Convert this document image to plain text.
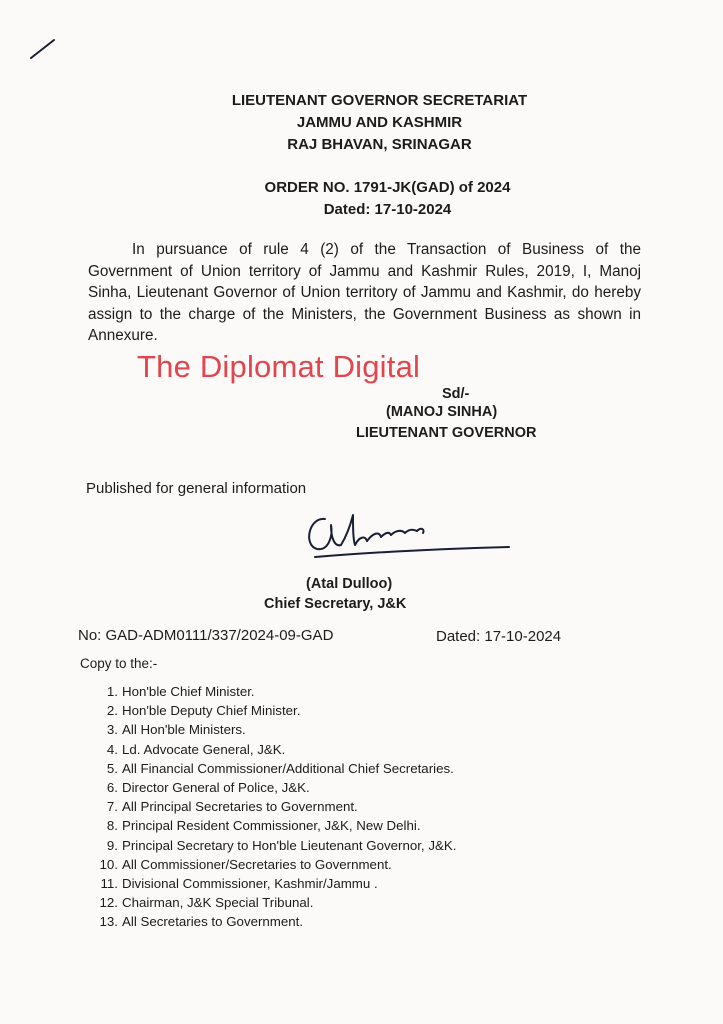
LIEUTENANT GOVERNOR SECRETARIAT
JAMMU AND KASHMIR
RAJ BHAVAN, SRINAGAR
ORDER NO. 1791-JK(GAD) of 2024
Dated: 17-10-2024
In pursuance of rule 4 (2) of the Transaction of Business of the Government of Union territory of Jammu and Kashmir Rules, 2019, I, Manoj Sinha, Lieutenant Governor of Union territory of Jammu and Kashmir, do hereby assign to the charge of the Ministers, the Government Business as shown in Annexure.
The Diplomat Digital
Sd/-
(MANOJ SINHA)
LIEUTENANT GOVERNOR
Published for general information
(Atal Dulloo)
Chief Secretary, J&K
No: GAD-ADM0111/337/2024-09-GAD	Dated: 17-10-2024
Copy to the:-
1. Hon'ble Chief Minister.
2. Hon'ble Deputy Chief Minister.
3. All Hon'ble Ministers.
4. Ld. Advocate General, J&K.
5. All Financial Commissioner/Additional Chief Secretaries.
6. Director General of Police, J&K.
7. All Principal Secretaries to Government.
8. Principal Resident Commissioner, J&K, New Delhi.
9. Principal Secretary to Hon'ble Lieutenant Governor, J&K.
10. All Commissioner/Secretaries to Government.
11. Divisional Commissioner, Kashmir/Jammu .
12. Chairman, J&K Special Tribunal.
13. All Secretaries to Government.
